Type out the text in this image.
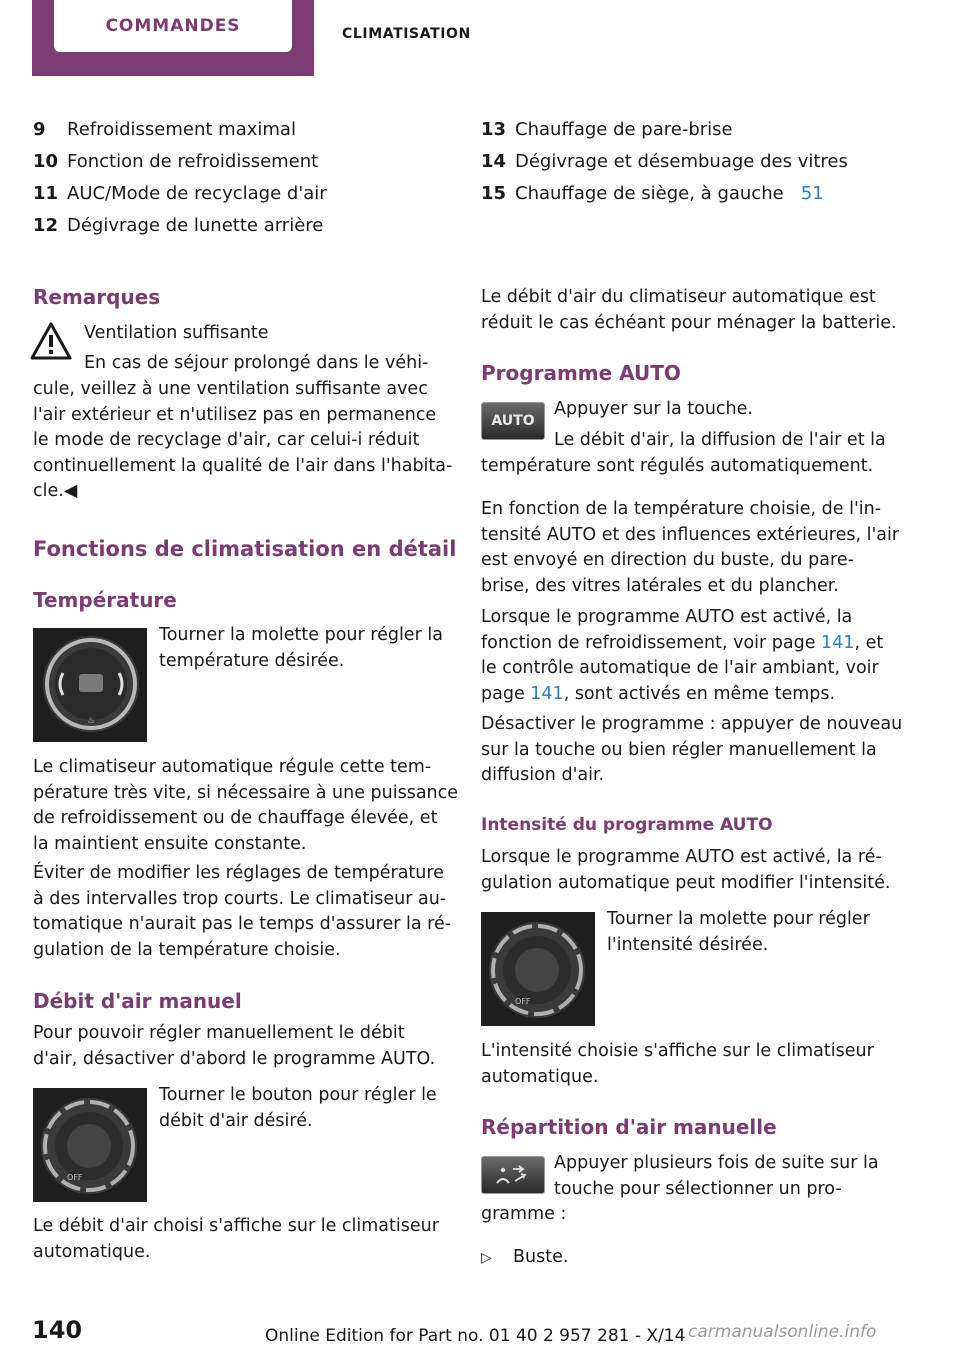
COMMANDES	CLIMATISATION
9 Refroidissement maximal
10 Fonction de refroidissement
11 AUC/Mode de recyclage d'air
12 Dégivrage de lunette arrière
13 Chauffage de pare-brise
14 Dégivrage et désembuage des vitres
15 Chauffage de siège, à gauche 51
Remarques
Ventilation suffisante
En cas de séjour prolongé dans le véhi-
cule, veillez à une ventilation suffisante avec
l'air extérieur et n'utilisez pas en permanence
le mode de recyclage d'air, car celui-i réduit
continuellement la qualité de l'air dans l'habita-
cle.◀
Fonctions de climatisation en détail
Température
♨
Tourner la molette pour régler la
température désirée.
Le climatiseur automatique régule cette tem-
pérature très vite, si nécessaire à une puissance
de refroidissement ou de chauffage élevée, et
la maintient ensuite constante.
Éviter de modifier les réglages de température
à des intervalles trop courts. Le climatiseur au-
tomatique n'aurait pas le temps d'assurer la ré-
gulation de la température choisie.
Débit d'air manuel
Pour pouvoir régler manuellement le débit
d'air, désactiver d'abord le programme AUTO.
OFF
Tourner le bouton pour régler le
débit d'air désiré.
Le débit d'air choisi s'affiche sur le climatiseur
automatique.
Le débit d'air du climatiseur automatique est
réduit le cas échéant pour ménager la batterie.
Programme AUTO
AUTO
Appuyer sur la touche.
Le débit d'air, la diffusion de l'air et la
température sont régulés automatiquement.
En fonction de la température choisie, de l'in-
tensité AUTO et des influences extérieures, l'air
est envoyé en direction du buste, du pare-
brise, des vitres latérales et du plancher.
Lorsque le programme AUTO est activé, la
fonction de refroidissement, voir page 141, et
le contrôle automatique de l'air ambiant, voir
page 141, sont activés en même temps.
Désactiver le programme : appuyer de nouveau
sur la touche ou bien régler manuellement la
diffusion d'air.
Intensité du programme AUTO
Lorsque le programme AUTO est activé, la ré-
gulation automatique peut modifier l'intensité.
OFF
Tourner la molette pour régler
l'intensité désirée.
L'intensité choisie s'affiche sur le climatiseur
automatique.
Répartition d'air manuelle
Appuyer plusieurs fois de suite sur la
touche pour sélectionner un pro-
gramme :
▷ Buste.
140	Online Edition for Part no. 01 40 2 957 281 - X/14 carmanualsonline.info
